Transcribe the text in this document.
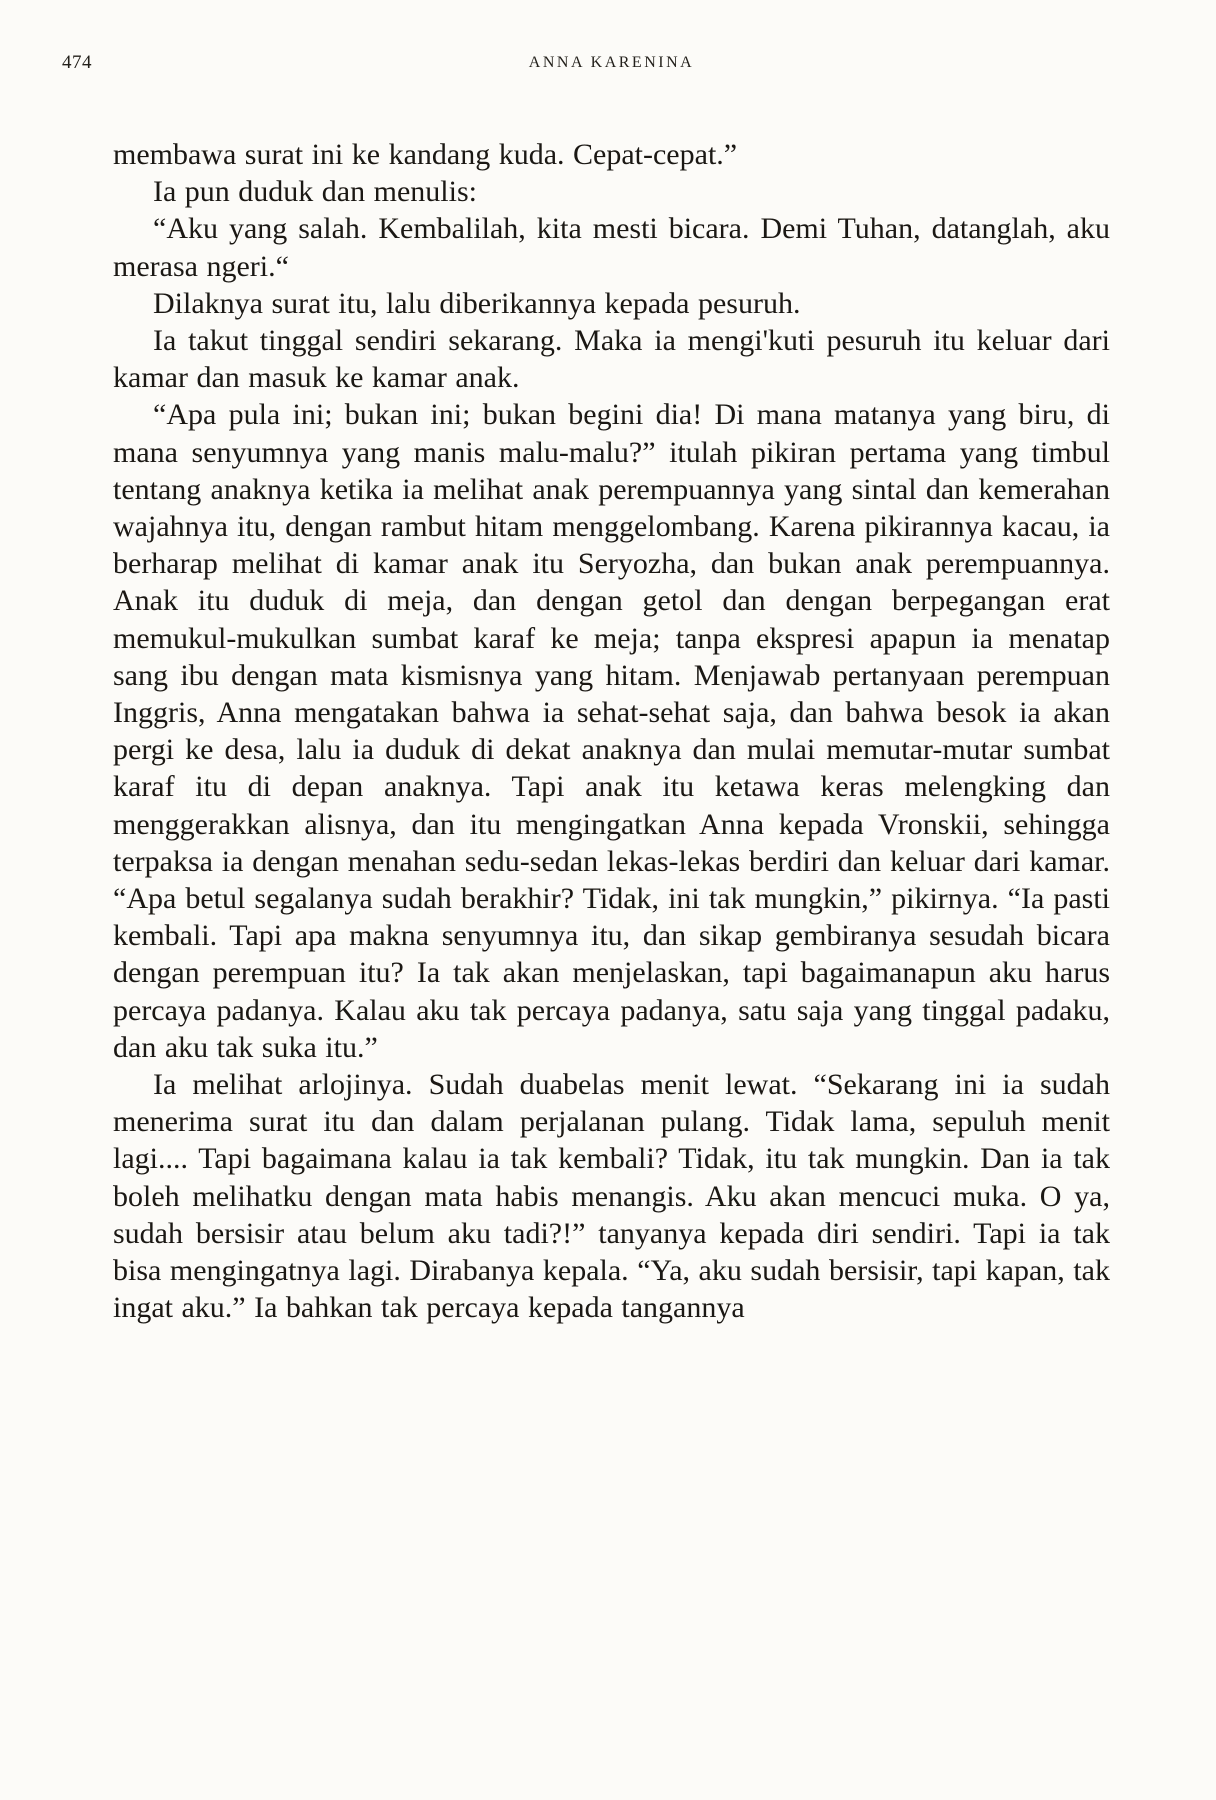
474	ANNA KARENINA

membawa surat ini ke kandang kuda. Cepat-cepat.”

Ia pun duduk dan menulis:

“Aku yang salah. Kembalilah, kita mesti bicara. Demi Tuhan, datanglah, aku merasa ngeri.“

Dilaknya surat itu, lalu diberikannya kepada pesuruh.

Ia takut tinggal sendiri sekarang. Maka ia mengi'kuti pesuruh itu keluar dari kamar dan masuk ke kamar anak.

“Apa pula ini; bukan ini; bukan begini dia! Di mana matanya yang biru, di mana senyumnya yang manis malu-malu?” itulah pikiran pertama yang timbul tentang anaknya ketika ia melihat anak perempuannya yang sintal dan kemerahan wajahnya itu, dengan rambut hitam menggelombang. Karena pikirannya kacau, ia berharap melihat di kamar anak itu Seryozha, dan bukan anak perempuannya. Anak itu duduk di meja, dan dengan getol dan dengan berpegangan erat memukul-mukulkan sumbat karaf ke meja; tanpa ekspresi apapun ia menatap sang ibu dengan mata kismisnya yang hitam. Menjawab pertanyaan perempuan Inggris, Anna mengatakan bahwa ia sehat-sehat saja, dan bahwa besok ia akan pergi ke desa, lalu ia duduk di dekat anaknya dan mulai memutar-mutar sumbat karaf itu di depan anaknya. Tapi anak itu ketawa keras melengking dan menggerakkan alisnya, dan itu mengingatkan Anna kepada Vronskii, sehingga terpaksa ia dengan menahan sedu-sedan lekas-lekas berdiri dan keluar dari kamar. “Apa betul segalanya sudah berakhir? Tidak, ini tak mungkin,” pikirnya. “Ia pasti kembali. Tapi apa makna senyumnya itu, dan sikap gembiranya sesudah bicara dengan perempuan itu? Ia tak akan menjelaskan, tapi bagaimanapun aku harus percaya padanya. Kalau aku tak percaya padanya, satu saja yang tinggal padaku, dan aku tak suka itu.”

Ia melihat arlojinya. Sudah duabelas menit lewat. “Sekarang ini ia sudah menerima surat itu dan dalam perjalanan pulang. Tidak lama, sepuluh menit lagi.... Tapi bagaimana kalau ia tak kembali? Tidak, itu tak mungkin. Dan ia tak boleh melihatku dengan mata habis menangis. Aku akan mencuci muka. O ya, sudah bersisir atau belum aku tadi?!” tanyanya kepada diri sendiri. Tapi ia tak bisa mengingatnya lagi. Dirabanya kepala. “Ya, aku sudah bersisir, tapi kapan, tak ingat aku.” Ia bahkan tak percaya kepada tangannya
